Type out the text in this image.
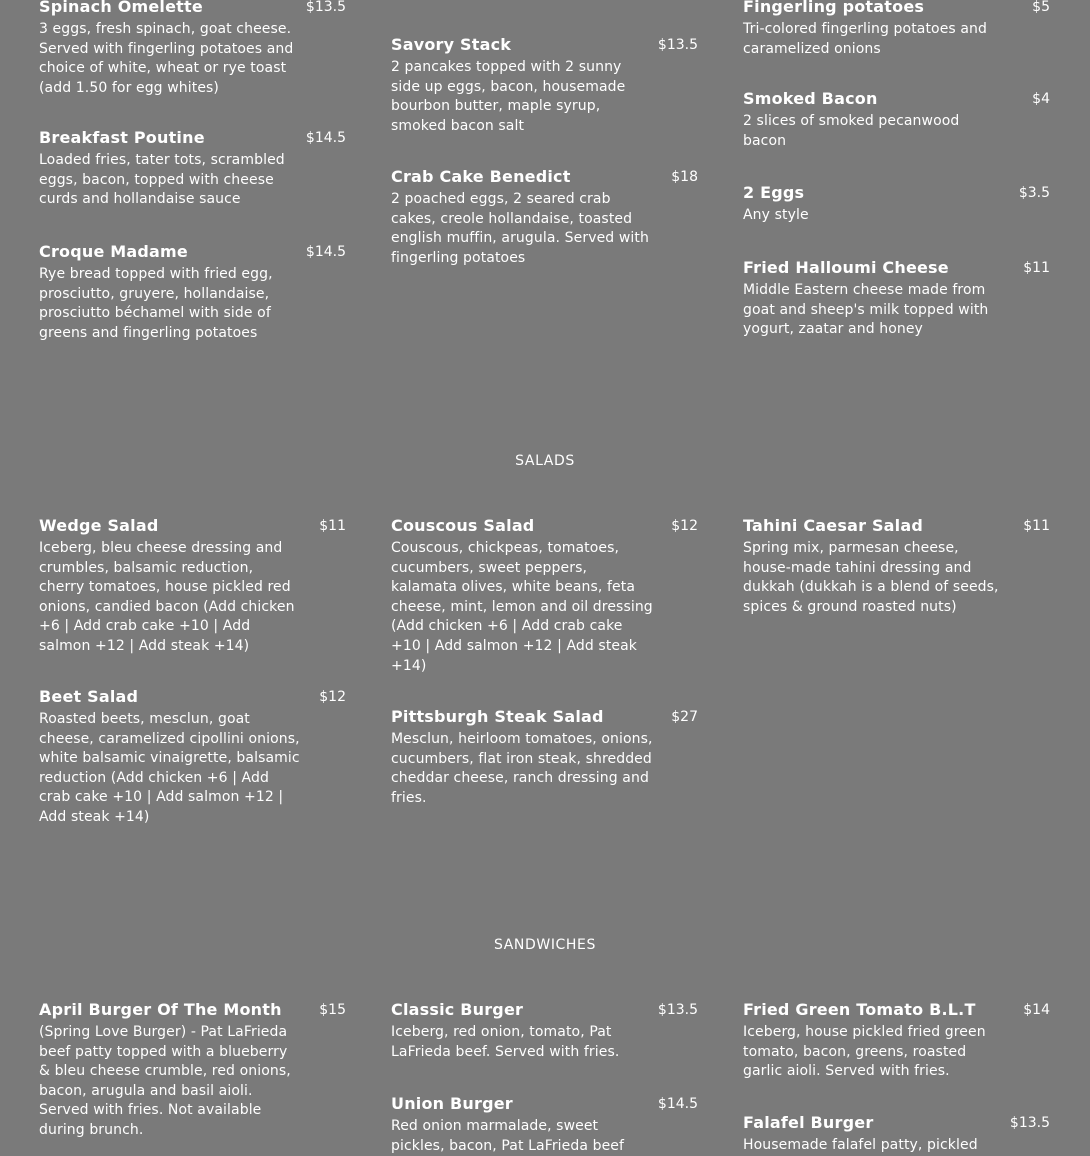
Spinach Omelette	$13.5
3 eggs, fresh spinach, goat cheese. Served with fingerling potatoes and choice of white, wheat or rye toast (add 1.50 for egg whites)
Breakfast Poutine	$14.5
Loaded fries, tater tots, scrambled eggs, bacon, topped with cheese curds and hollandaise sauce
Croque Madame	$14.5
Rye bread topped with fried egg, prosciutto, gruyere, hollandaise, prosciutto béchamel with side of greens and fingerling potatoes
Savory Stack	$13.5
2 pancakes topped with 2 sunny side up eggs, bacon, housemade bourbon butter, maple syrup, smoked bacon salt
Crab Cake Benedict	$18
2 poached eggs, 2 seared crab cakes, creole hollandaise, toasted english muffin, arugula. Served with fingerling potatoes
Fingerling potatoes	$5
Tri-colored fingerling potatoes and caramelized onions
Smoked Bacon	$4
2 slices of smoked pecanwood bacon
2 Eggs	$3.5
Any style
Fried Halloumi Cheese	$11
Middle Eastern cheese made from goat and sheep's milk topped with yogurt, zaatar and honey
SALADS
Wedge Salad	$11
Iceberg, bleu cheese dressing and crumbles, balsamic reduction, cherry tomatoes, house pickled red onions, candied bacon (Add chicken +6 | Add crab cake +10 | Add salmon +12 | Add steak +14)
Beet Salad	$12
Roasted beets, mesclun, goat cheese, caramelized cipollini onions, white balsamic vinaigrette, balsamic reduction (Add chicken +6 | Add crab cake +10 | Add salmon +12 | Add steak +14)
Couscous Salad	$12
Couscous, chickpeas, tomatoes, cucumbers, sweet peppers, kalamata olives, white beans, feta cheese, mint, lemon and oil dressing (Add chicken +6 | Add crab cake +10 | Add salmon +12 | Add steak +14)
Pittsburgh Steak Salad	$27
Mesclun, heirloom tomatoes, onions, cucumbers, flat iron steak, shredded cheddar cheese, ranch dressing and fries.
Tahini Caesar Salad	$11
Spring mix, parmesan cheese, house-made tahini dressing and dukkah (dukkah is a blend of seeds, spices & ground roasted nuts)
SANDWICHES
April Burger Of The Month	$15
(Spring Love Burger) - Pat LaFrieda beef patty topped with a blueberry & bleu cheese crumble, red onions, bacon, arugula and basil aioli. Served with fries. Not available during brunch.
Classic Burger	$13.5
Iceberg, red onion, tomato, Pat LaFrieda beef. Served with fries.
Union Burger	$14.5
Red onion marmalade, sweet pickles, bacon, Pat LaFrieda beef
Fried Green Tomato B.L.T	$14
Iceberg, house pickled fried green tomato, bacon, greens, roasted garlic aioli. Served with fries.
Falafel Burger	$13.5
Housemade falafel patty, pickled
